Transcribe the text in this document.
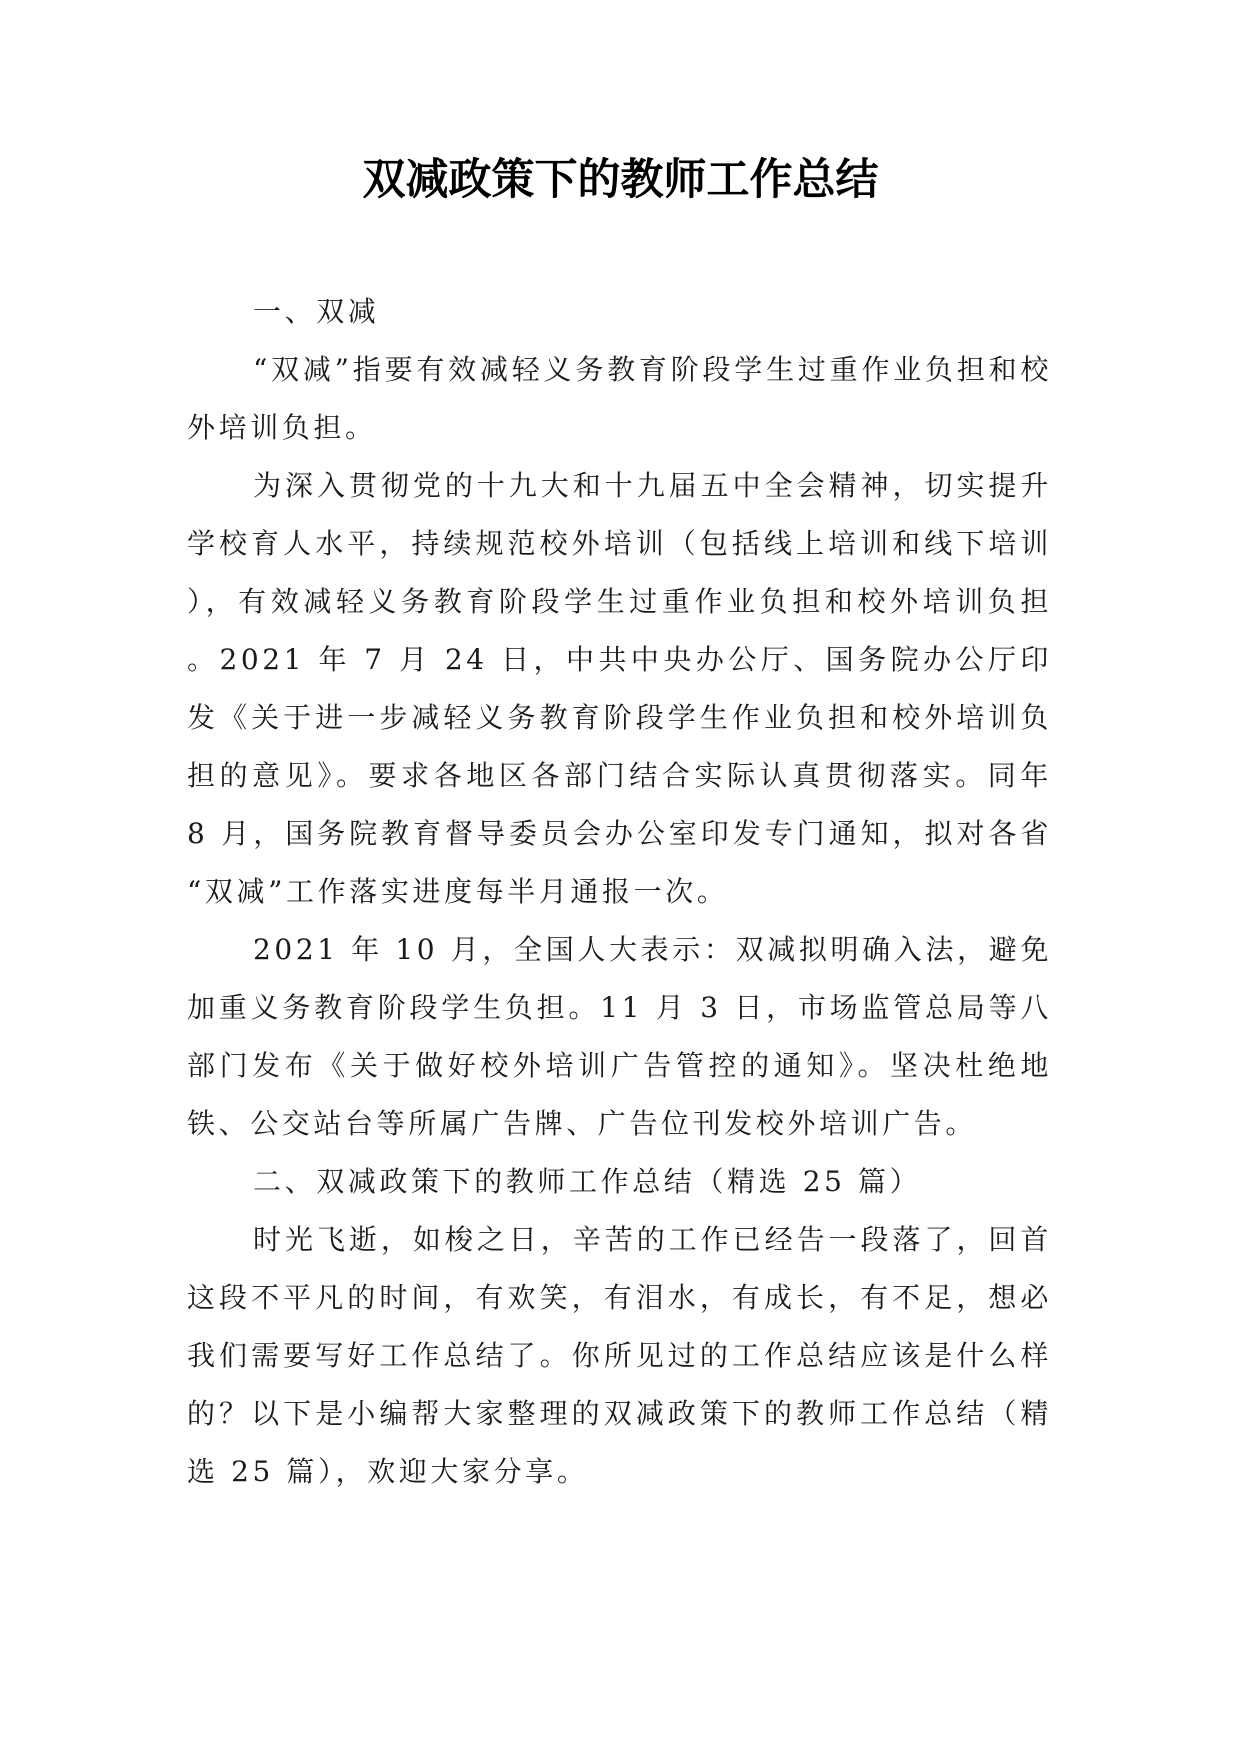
双减政策下的教师工作总结

一、双减

“双减”指要有效减轻义务教育阶段学生过重作业负担和校外培训负担。

为深入贯彻党的十九大和十九届五中全会精神，切实提升学校育人水平，持续规范校外培训（包括线上培训和线下培训），有效减轻义务教育阶段学生过重作业负担和校外培训负担。2021 年 7 月 24 日，中共中央办公厅、国务院办公厅印发《关于进一步减轻义务教育阶段学生作业负担和校外培训负担的意见》。要求各地区各部门结合实际认真贯彻落实。同年 8 月，国务院教育督导委员会办公室印发专门通知，拟对各省“双减”工作落实进度每半月通报一次。

2021 年 10 月，全国人大表示：双减拟明确入法，避免加重义务教育阶段学生负担。11 月 3 日，市场监管总局等八部门发布《关于做好校外培训广告管控的通知》。坚决杜绝地铁、公交站台等所属广告牌、广告位刊发校外培训广告。

二、双减政策下的教师工作总结（精选 25 篇）

时光飞逝，如梭之日，辛苦的工作已经告一段落了，回首这段不平凡的时间，有欢笑，有泪水，有成长，有不足，想必我们需要写好工作总结了。你所见过的工作总结应该是什么样的？以下是小编帮大家整理的双减政策下的教师工作总结（精选 25 篇），欢迎大家分享。
